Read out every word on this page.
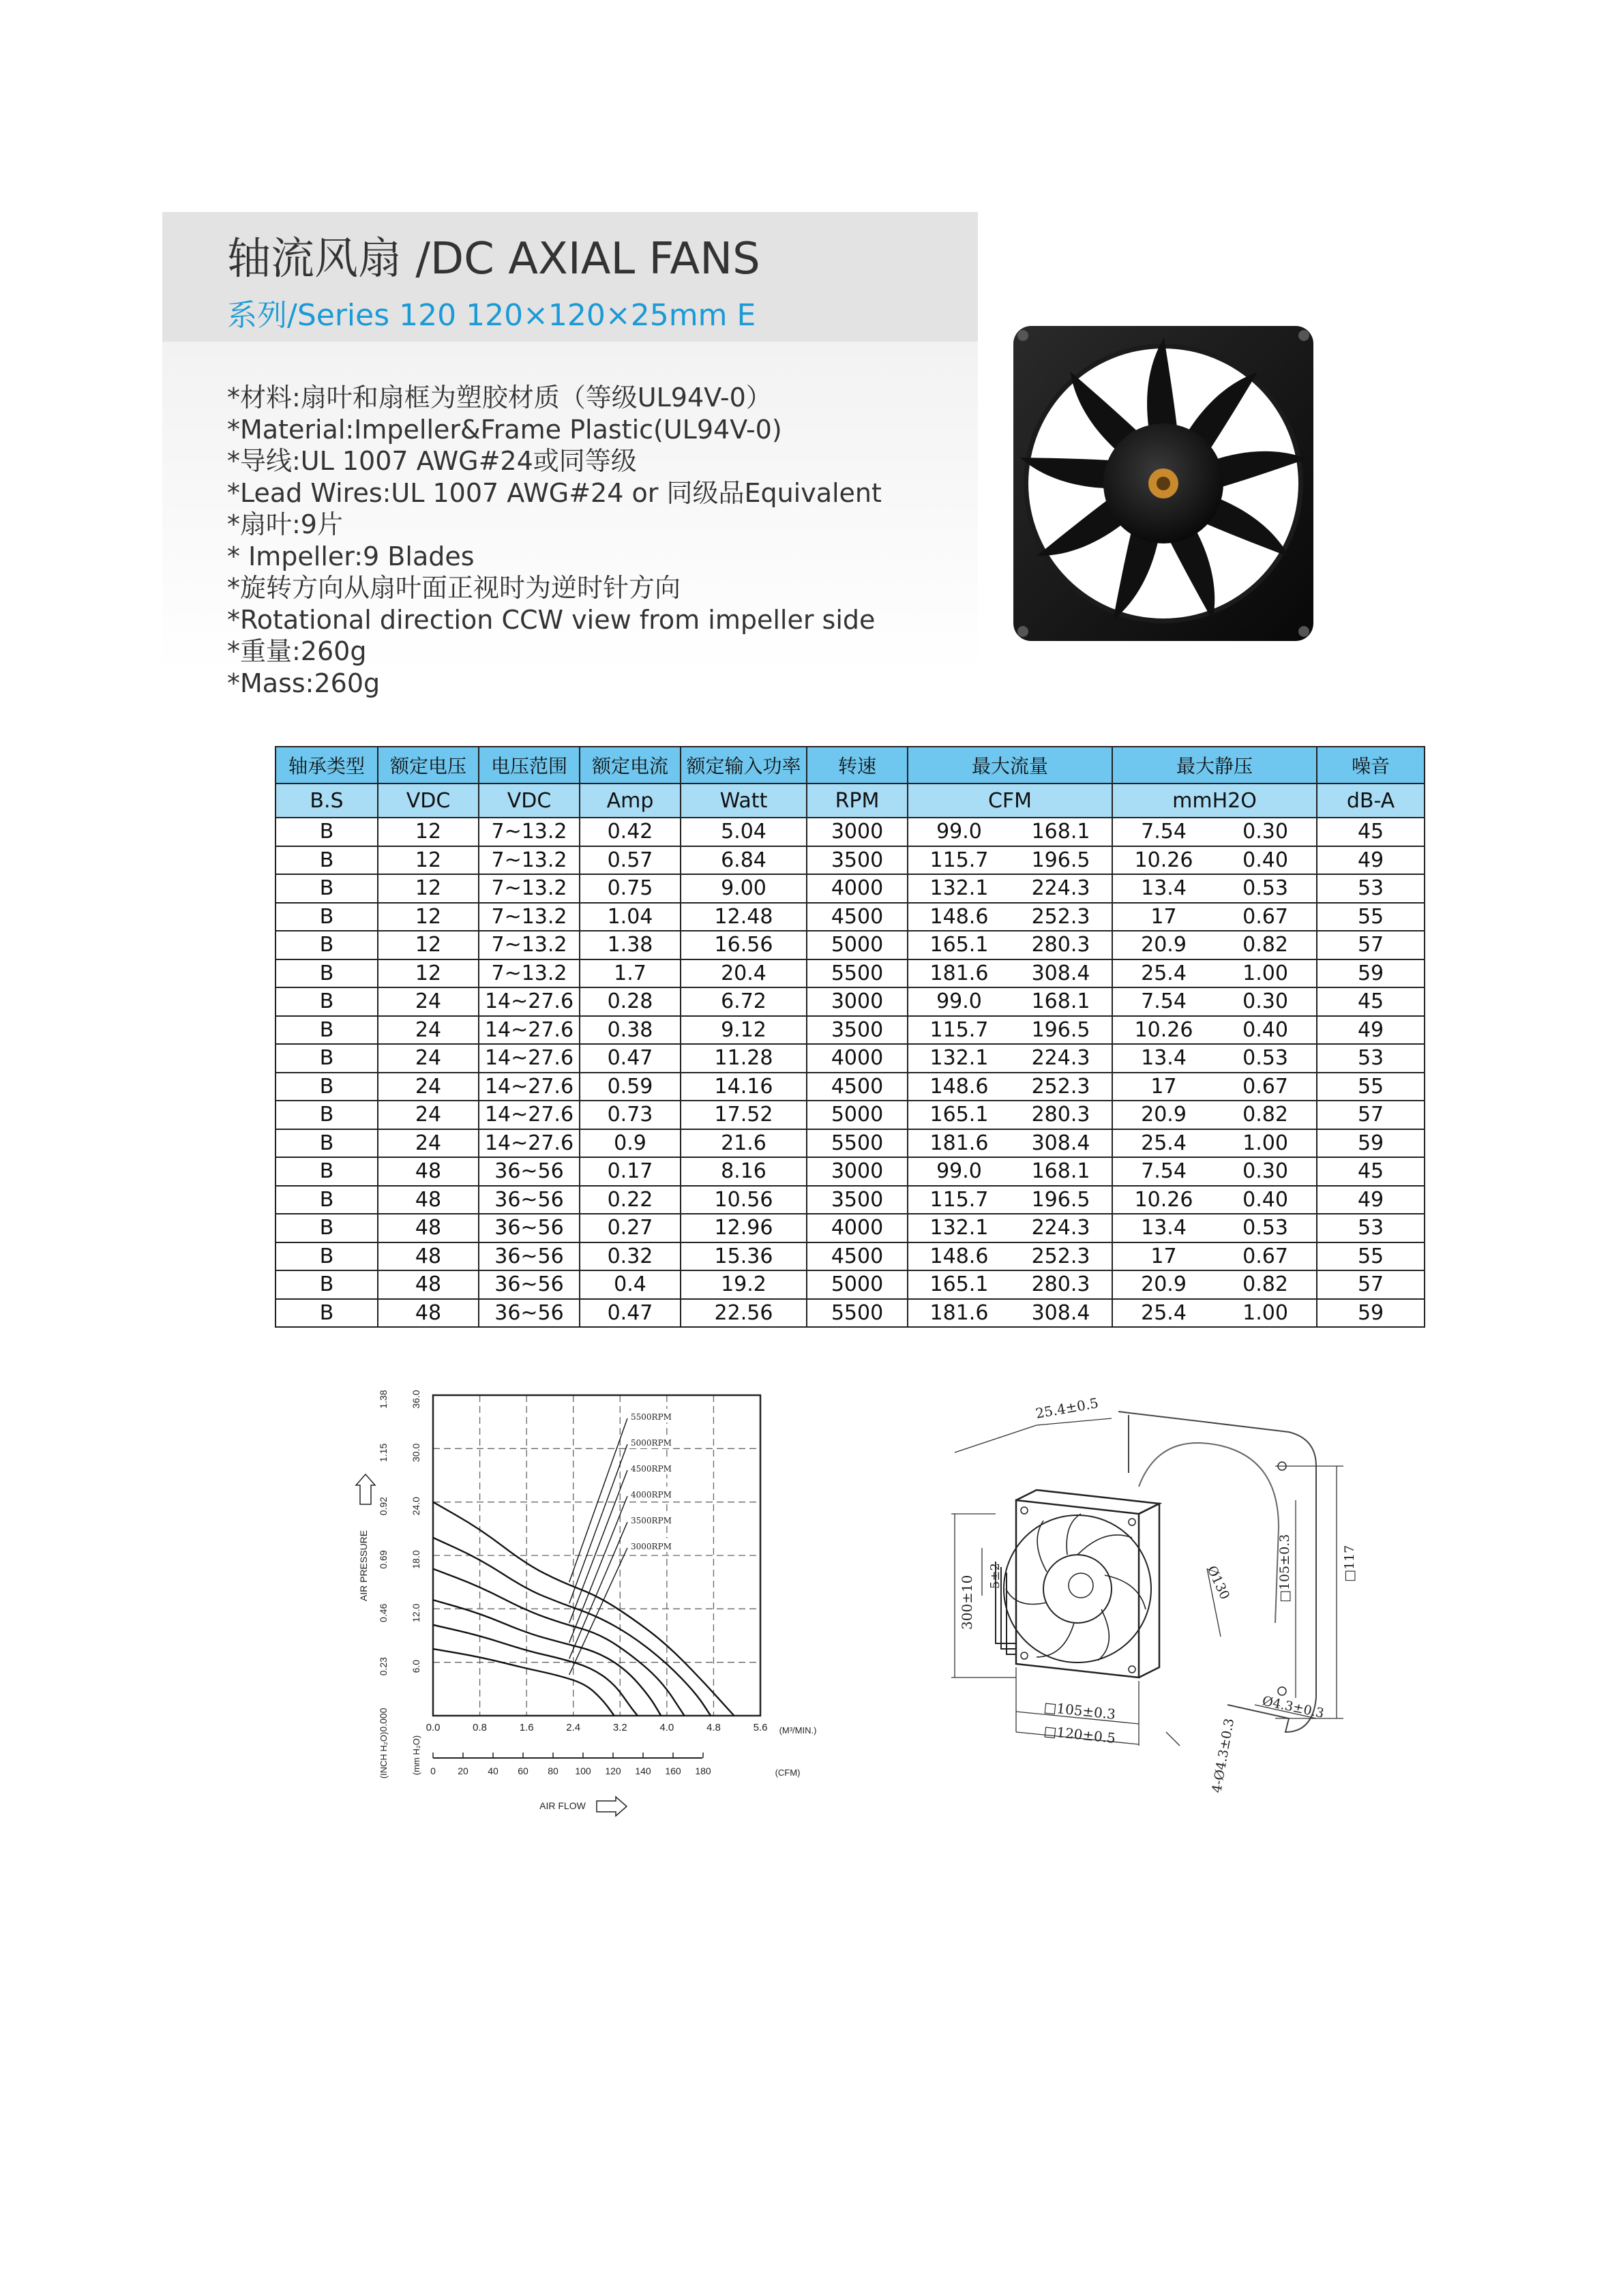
轴流风扇 /DC AXIAL FANS
系列/Series 120 120×120×25mm E
*材料:扇叶和扇框为塑胶材质（等级UL94V-0）
*Material:Impeller&Frame Plastic(UL94V-0)
*导线:UL 1007 AWG#24或同等级
*Lead Wires:UL 1007 AWG#24 or 同级品Equivalent
*扇叶:9片
* Impeller:9 Blades
*旋转方向从扇叶面正视时为逆时针方向
*Rotational direction CCW view from impeller side
*重量:260g
*Mass:260g
轴承类型	额定电压	电压范围	额定电流	额定输入功率	转速	最大流量		最大静压		噪音
B.S	VDC	VDC	Amp	Watt	RPM	CFM		mmH2O		dB-A
B	12	7~13.2	0.42	5.04	3000	99.0	168.1	7.54	0.30	45
B	12	7~13.2	0.57	6.84	3500	115.7	196.5	10.26	0.40	49
B	12	7~13.2	0.75	9.00	4000	132.1	224.3	13.4	0.53	53
B	12	7~13.2	1.04	12.48	4500	148.6	252.3	17	0.67	55
B	12	7~13.2	1.38	16.56	5000	165.1	280.3	20.9	0.82	57
B	12	7~13.2	1.7	20.4	5500	181.6	308.4	25.4	1.00	59
B	24	14~27.6	0.28	6.72	3000	99.0	168.1	7.54	0.30	45
B	24	14~27.6	0.38	9.12	3500	115.7	196.5	10.26	0.40	49
B	24	14~27.6	0.47	11.28	4000	132.1	224.3	13.4	0.53	53
B	24	14~27.6	0.59	14.16	4500	148.6	252.3	17	0.67	55
B	24	14~27.6	0.73	17.52	5000	165.1	280.3	20.9	0.82	57
B	24	14~27.6	0.9	21.6	5500	181.6	308.4	25.4	1.00	59
B	48	36~56	0.17	8.16	3000	99.0	168.1	7.54	0.30	45
B	48	36~56	0.22	10.56	3500	115.7	196.5	10.26	0.40	49
B	48	36~56	0.27	12.96	4000	132.1	224.3	13.4	0.53	53
B	48	36~56	0.32	15.36	4500	148.6	252.3	17	0.67	55
B	48	36~56	0.4	19.2	5000	165.1	280.3	20.9	0.82	57
B	48	36~56	0.47	22.56	5500	181.6	308.4	25.4	1.00	59
6.0
12.0
18.0
24.0
30.0
36.0
0.000
0.23
0.46
0.69
0.92
1.15
1.38
0.0	0.8	1.6	2.4	3.2	4.0	4.8	5.6 (M³/MIN.)
0 20 40 60 80 100 120 140 160 180	(CFM)
AIR FLOW
AIR PRESSURE
(INCH H₂O)	(mm H₂O)
5500RPM
5000RPM
4500RPM
4000RPM
3500RPM
3000RPM
25.4±0.5
300±10 5±2
□105±0.3
□120±0.5	4-Ø4.3±0.3
Ø4.3±0.3
Ø130	□105±0.3	□117
